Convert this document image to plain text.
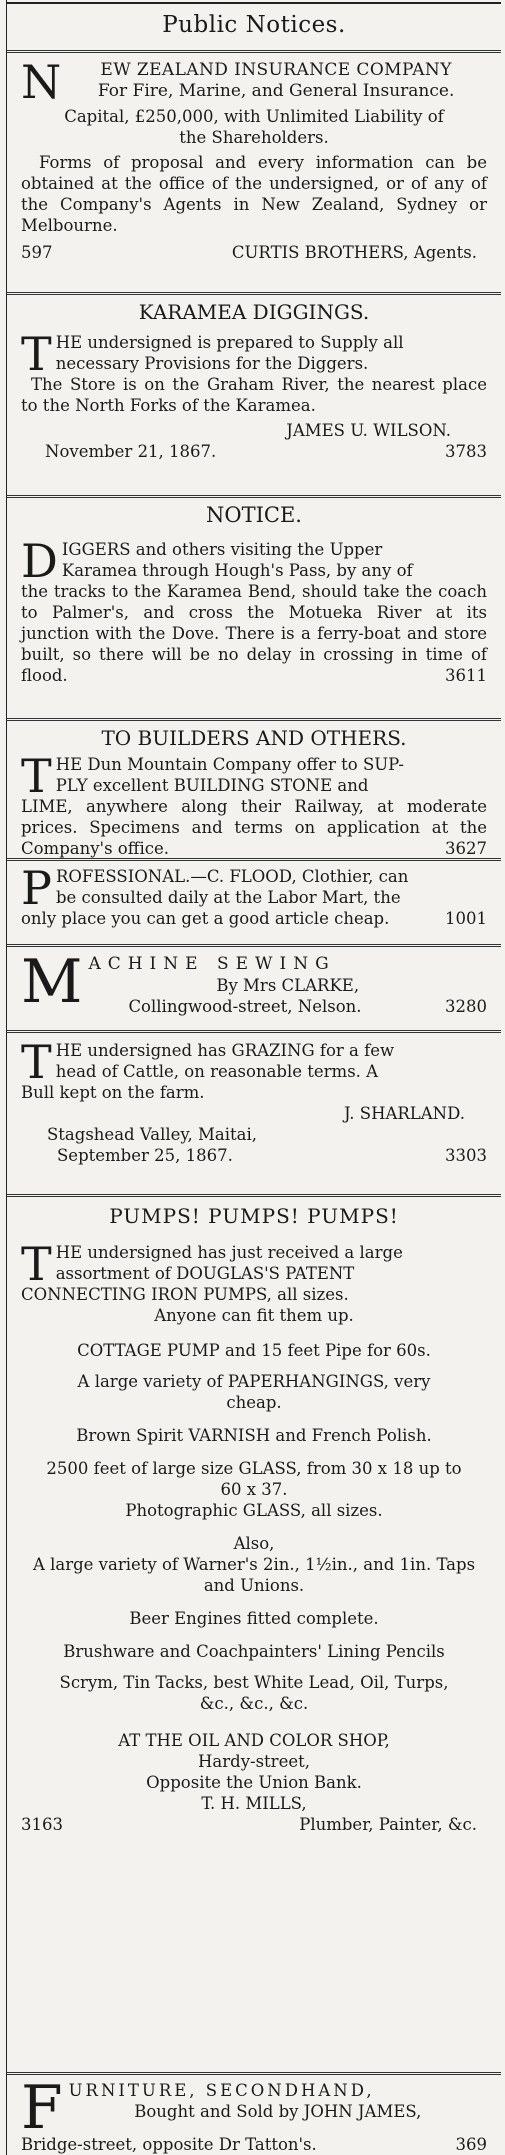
Public Notices.
N	EW ZEALAND INSURANCE COMPANY
For Fire, Marine, and General Insurance.
Capital, £250,000, with Unlimited Liability of
the Shareholders.
Forms of proposal and every information can be obtained at the office of the undersigned, or of any of the Company's Agents in New Zealand, Sydney or Melbourne.
597	CURTIS BROTHERS, Agents.
KARAMEA DIGGINGS.
T HE undersigned is prepared to Supply all
necessary Provisions for the Diggers.
The Store is on the Graham River, the nearest place to the North Forks of the Karamea.
JAMES U. WILSON.
November 21, 1867.	3783
NOTICE.
D IGGERS and others visiting the Upper
Karamea through Hough's Pass, by any of
the tracks to the Karamea Bend, should take the coach to Palmer's, and cross the Motueka River at its junction with the Dove. There is a ferry-boat and store built, so there will be no delay in crossing in time of flood.	3611
TO BUILDERS AND OTHERS.
T HE Dun Mountain Company offer to SUP-
PLY excellent BUILDING STONE and
LIME, anywhere along their Railway, at moderate prices. Specimens and terms on application at the Company's office.	3627
P ROFESSIONAL.—C. FLOOD, Clothier, can
be consulted daily at the Labor Mart, the
only place you can get a good article cheap.	1001
M ACHINE SEWING
By Mrs CLARKE,
Collingwood-street, Nelson.	3280
T HE undersigned has GRAZING for a few
head of Cattle, on reasonable terms. A
Bull kept on the farm.
J. SHARLAND.
Stagshead Valley, Maitai,
September 25, 1867.	3303
PUMPS! PUMPS! PUMPS!
T HE undersigned has just received a large
assortment of DOUGLAS'S PATENT
CONNECTING IRON PUMPS, all sizes.
Anyone can fit them up.
COTTAGE PUMP and 15 feet Pipe for 60s.
A large variety of PAPERHANGINGS, very cheap.
Brown Spirit VARNISH and French Polish.
2500 feet of large size GLASS, from 30 x 18 up to 60 x 37.
Photographic GLASS, all sizes.
Also,
A large variety of Warner's 2in., 1½in., and 1in. Taps and Unions.
Beer Engines fitted complete.
Brushware and Coachpainters' Lining Pencils
Scrym, Tin Tacks, best White Lead, Oil, Turps, &c., &c., &c.
AT THE OIL AND COLOR SHOP,
Hardy-street,
Opposite the Union Bank.
T. H. MILLS,
3163	Plumber, Painter, &c.
F URNITURE, SECONDHAND,
Bought and Sold by JOHN JAMES,
Bridge-street, opposite Dr Tatton's.	369
